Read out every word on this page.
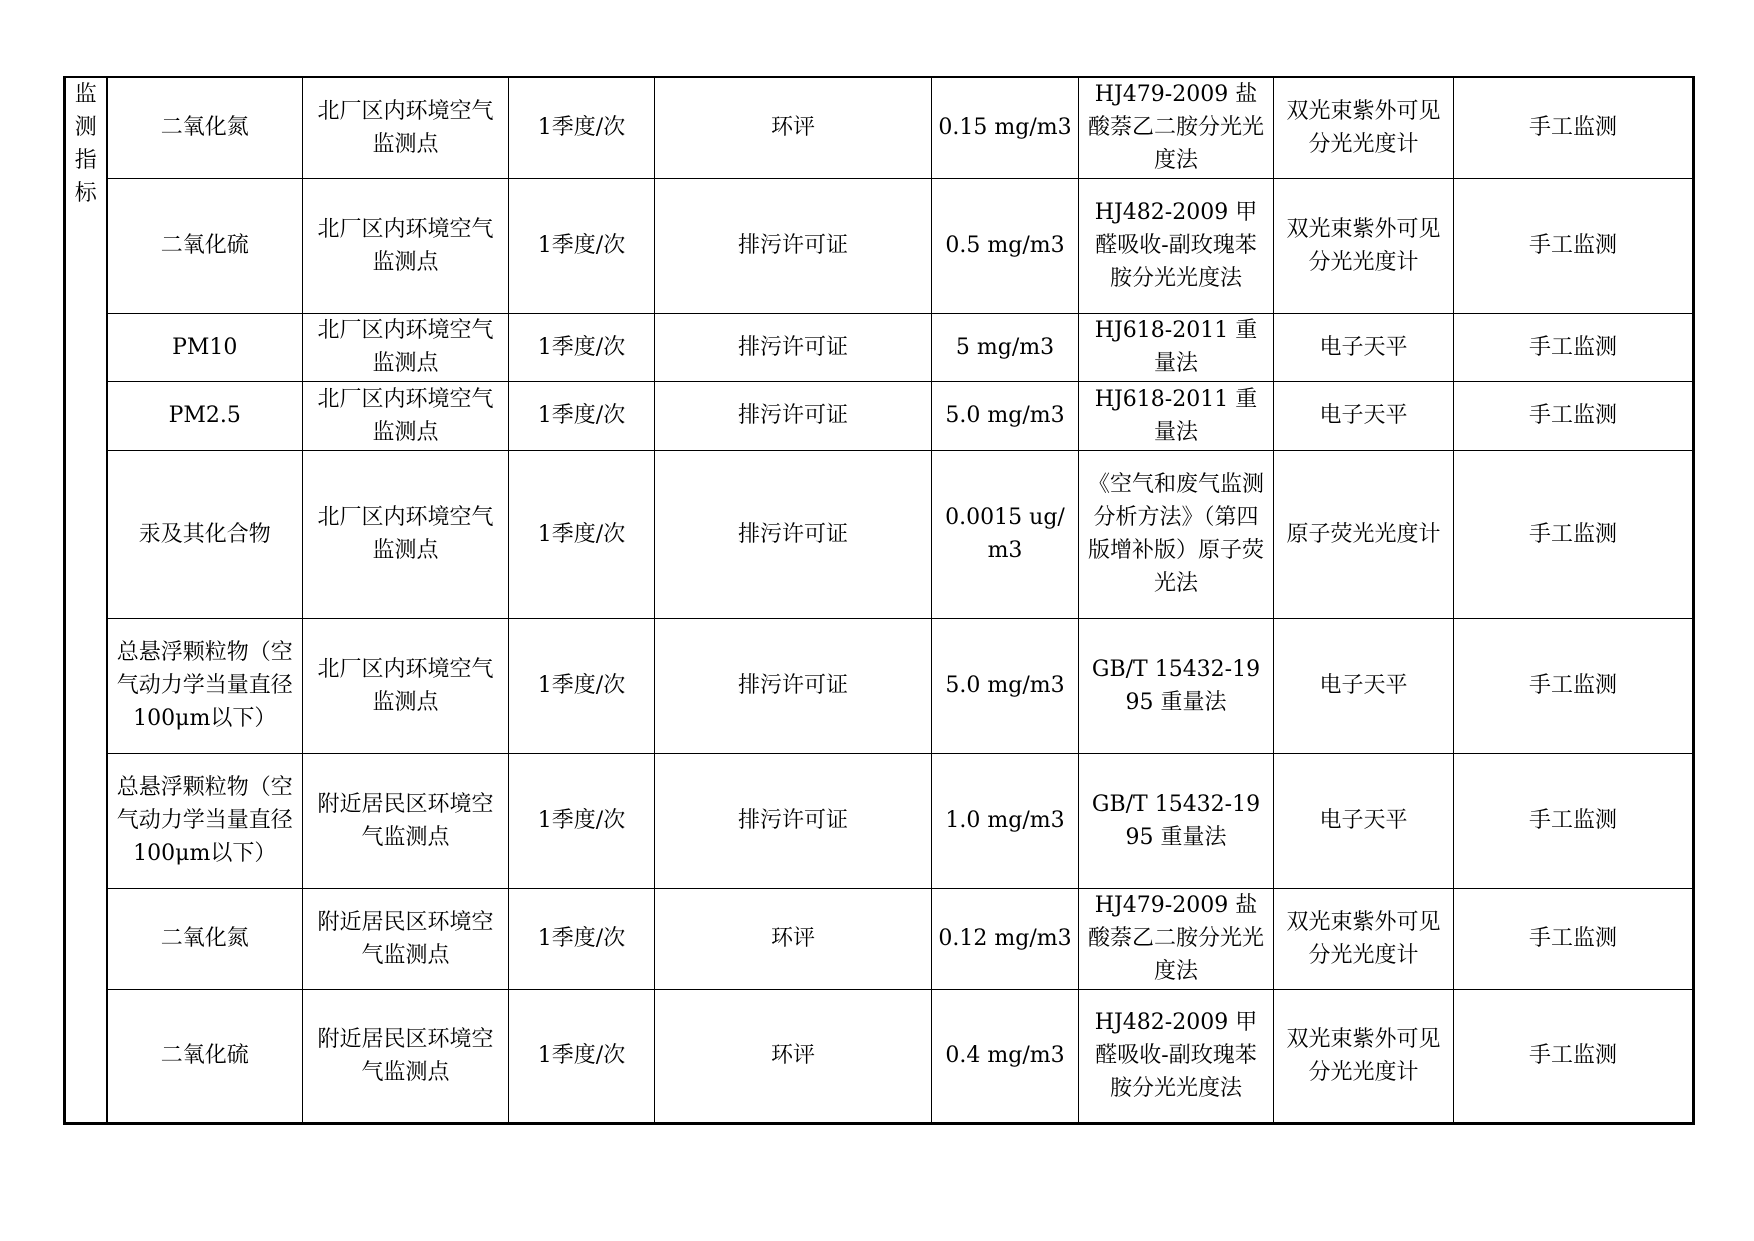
监测指标	二氧化氮	北厂区内环境空气监测点	1季度/次	环评	0.15 mg/m3	HJ479-2009 盐酸萘乙二胺分光光度法	双光束紫外可见分光光度计	手工监测
	二氧化硫	北厂区内环境空气监测点	1季度/次	排污许可证	0.5 mg/m3	HJ482-2009 甲醛吸收-副玫瑰苯胺分光光度法	双光束紫外可见分光光度计	手工监测
	PM10	北厂区内环境空气监测点	1季度/次	排污许可证	5 mg/m3	HJ618-2011 重量法	电子天平	手工监测
	PM2.5	北厂区内环境空气监测点	1季度/次	排污许可证	5.0 mg/m3	HJ618-2011 重量法	电子天平	手工监测
	汞及其化合物	北厂区内环境空气监测点	1季度/次	排污许可证	0.0015 ug/m3	《空气和废气监测分析方法》（第四版增补版）原子荧光法	原子荧光光度计	手工监测
	总悬浮颗粒物（空气动力学当量直径100μm以下）	北厂区内环境空气监测点	1季度/次	排污许可证	5.0 mg/m3	GB/T 15432-1995 重量法	电子天平	手工监测
	总悬浮颗粒物（空气动力学当量直径100μm以下）	附近居民区环境空气监测点	1季度/次	排污许可证	1.0 mg/m3	GB/T 15432-1995 重量法	电子天平	手工监测
	二氧化氮	附近居民区环境空气监测点	1季度/次	环评	0.12 mg/m3	HJ479-2009 盐酸萘乙二胺分光光度法	双光束紫外可见分光光度计	手工监测
	二氧化硫	附近居民区环境空气监测点	1季度/次	环评	0.4 mg/m3	HJ482-2009 甲醛吸收-副玫瑰苯胺分光光度法	双光束紫外可见分光光度计	手工监测
